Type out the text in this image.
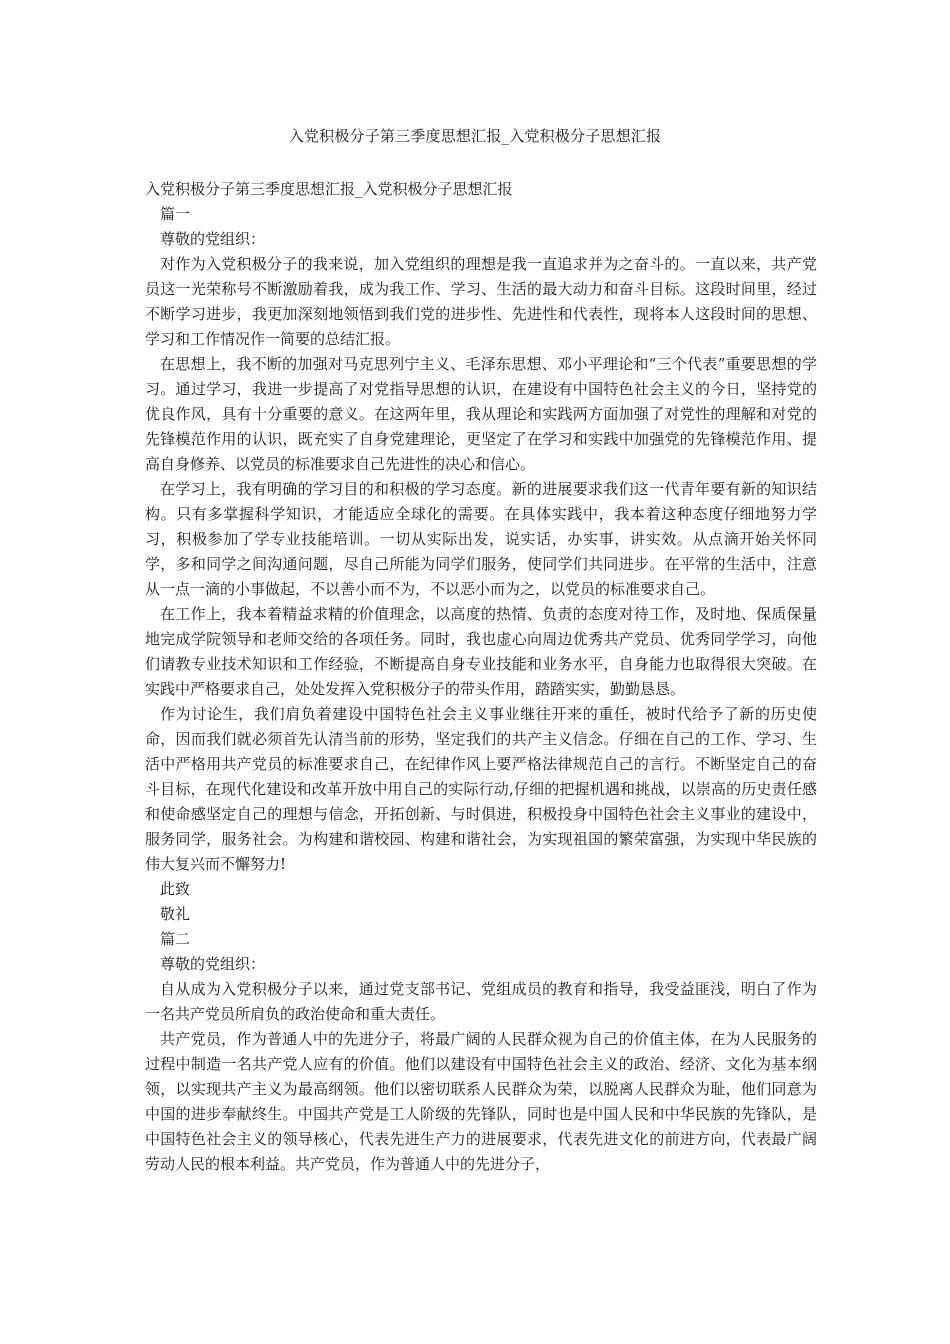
入党积极分子第三季度思想汇报_入党积极分子思想汇报

入党积极分子第三季度思想汇报_入党积极分子思想汇报

篇一

尊敬的党组织：

对作为入党积极分子的我来说，加入党组织的理想是我一直追求并为之奋斗的。一直以来，共产党员这一光荣称号不断激励着我，成为我工作、学习、生活的最大动力和奋斗目标。这段时间里，经过不断学习进步，我更加深刻地领悟到我们党的进步性、先进性和代表性，现将本人这段时间的思想、学习和工作情况作一简要的总结汇报。

在思想上，我不断的加强对马克思列宁主义、毛泽东思想、邓小平理论和“三个代表”重要思想的学习。通过学习，我进一步提高了对党指导思想的认识，在建设有中国特色社会主义的今日，坚持党的优良作风，具有十分重要的意义。在这两年里，我从理论和实践两方面加强了对党性的理解和对党的先锋模范作用的认识，既充实了自身党建理论，更坚定了在学习和实践中加强党的先锋模范作用、提高自身修养、以党员的标准要求自己先进性的决心和信心。

在学习上，我有明确的学习目的和积极的学习态度。新的进展要求我们这一代青年要有新的知识结构。只有多掌握科学知识，才能适应全球化的需要。在具体实践中，我本着这种态度仔细地努力学习，积极参加了学专业技能培训。一切从实际出发，说实话，办实事，讲实效。从点滴开始关怀同学，多和同学之间沟通问题，尽自己所能为同学们服务，使同学们共同进步。在平常的生活中，注意从一点一滴的小事做起，不以善小而不为，不以恶小而为之，以党员的标准要求自己。

在工作上，我本着精益求精的价值理念，以高度的热情、负责的态度对待工作，及时地、保质保量地完成学院领导和老师交给的各项任务。同时，我也虚心向周边优秀共产党员、优秀同学学习，向他们请教专业技术知识和工作经验，不断提高自身专业技能和业务水平，自身能力也取得很大突破。在实践中严格要求自己，处处发挥入党积极分子的带头作用，踏踏实实，勤勤恳恳。

作为讨论生，我们肩负着建设中国特色社会主义事业继往开来的重任，被时代给予了新的历史使命，因而我们就必须首先认清当前的形势，坚定我们的共产主义信念。仔细在自己的工作、学习、生活中严格用共产党员的标准要求自己，在纪律作风上要严格法律规范自己的言行。不断坚定自己的奋斗目标，在现代化建设和改革开放中用自己的实际行动,仔细的把握机遇和挑战，以崇高的历史责任感和使命感坚定自己的理想与信念，开拓创新、与时俱进，积极投身中国特色社会主义事业的建设中，服务同学，服务社会。为构建和谐校园、构建和谐社会，为实现祖国的繁荣富强，为实现中华民族的伟大复兴而不懈努力!

此致

敬礼

篇二

尊敬的党组织：

自从成为入党积极分子以来，通过党支部书记、党组成员的教育和指导，我受益匪浅，明白了作为一名共产党员所肩负的政治使命和重大责任。

共产党员，作为普通人中的先进分子，将最广阔的人民群众视为自己的价值主体，在为人民服务的过程中制造一名共产党人应有的价值。他们以建设有中国特色社会主义的政治、经济、文化为基本纲领，以实现共产主义为最高纲领。他们以密切联系人民群众为荣，以脱离人民群众为耻，他们同意为中国的进步奉献终生。中国共产党是工人阶级的先锋队，同时也是中国人民和中华民族的先锋队，是中国特色社会主义的领导核心，代表先进生产力的进展要求，代表先进文化的前进方向，代表最广阔劳动人民的根本利益。共产党员，作为普通人中的先进分子，
